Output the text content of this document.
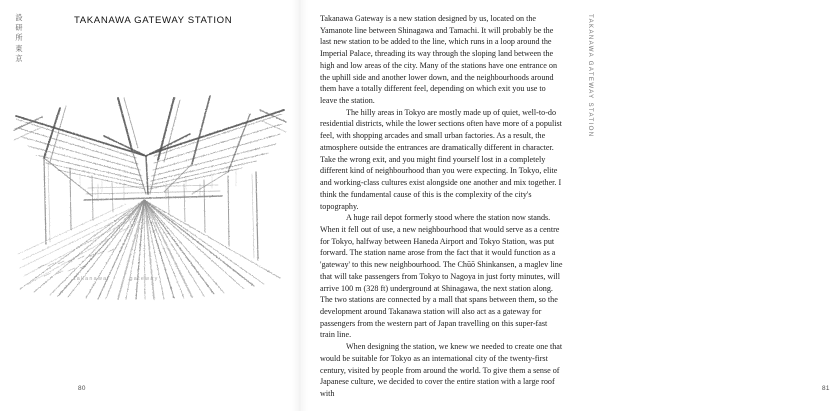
設
研
所
東
京
TAKANAWA GATEWAY STATION
takanawa	gateway
80

Takanawa Gateway is a new station designed by us, located on the Yamanote line between Shinagawa and Tamachi. It will probably be the last new station to be added to the line, which runs in a loop around the Imperial Palace, threading its way through the sloping land between the high and low areas of the city. Many of the stations have one entrance on the uphill side and another lower down, and the neighbourhoods around them have a totally different feel, depending on which exit you use to leave the station.

The hilly areas in Tokyo are mostly made up of quiet, well-to-do residential districts, while the lower sections often have more of a populist feel, with shopping arcades and small urban factories. As a result, the atmosphere outside the entrances are dramatically different in character. Take the wrong exit, and you might find yourself lost in a completely different kind of neighbourhood than you were expecting. In Tokyo, elite and working-class cultures exist alongside one another and mix together. I think the fundamental cause of this is the complexity of the city's topography.

A huge rail depot formerly stood where the station now stands. When it fell out of use, a new neighbourhood that would serve as a centre for Tokyo, halfway between Haneda Airport and Tokyo Station, was put forward. The station name arose from the fact that it would function as a 'gateway' to this new neighbourhood. The Chūō Shinkansen, a maglev line that will take passengers from Tokyo to Nagoya in just forty minutes, will arrive 100 m (328 ft) underground at Shinagawa, the next station along. The two stations are connected by a mall that spans between them, so the development around Takanawa station will also act as a gateway for passengers from the western part of Japan travelling on this super-fast train line.

When designing the station, we knew we needed to create one that would be suitable for Tokyo as an international city of the twenty-first century, visited by people from around the world. To give them a sense of Japanese culture, we decided to cover the entire station with a large roof with

TAKANAWA GATEWAY STATION
81
